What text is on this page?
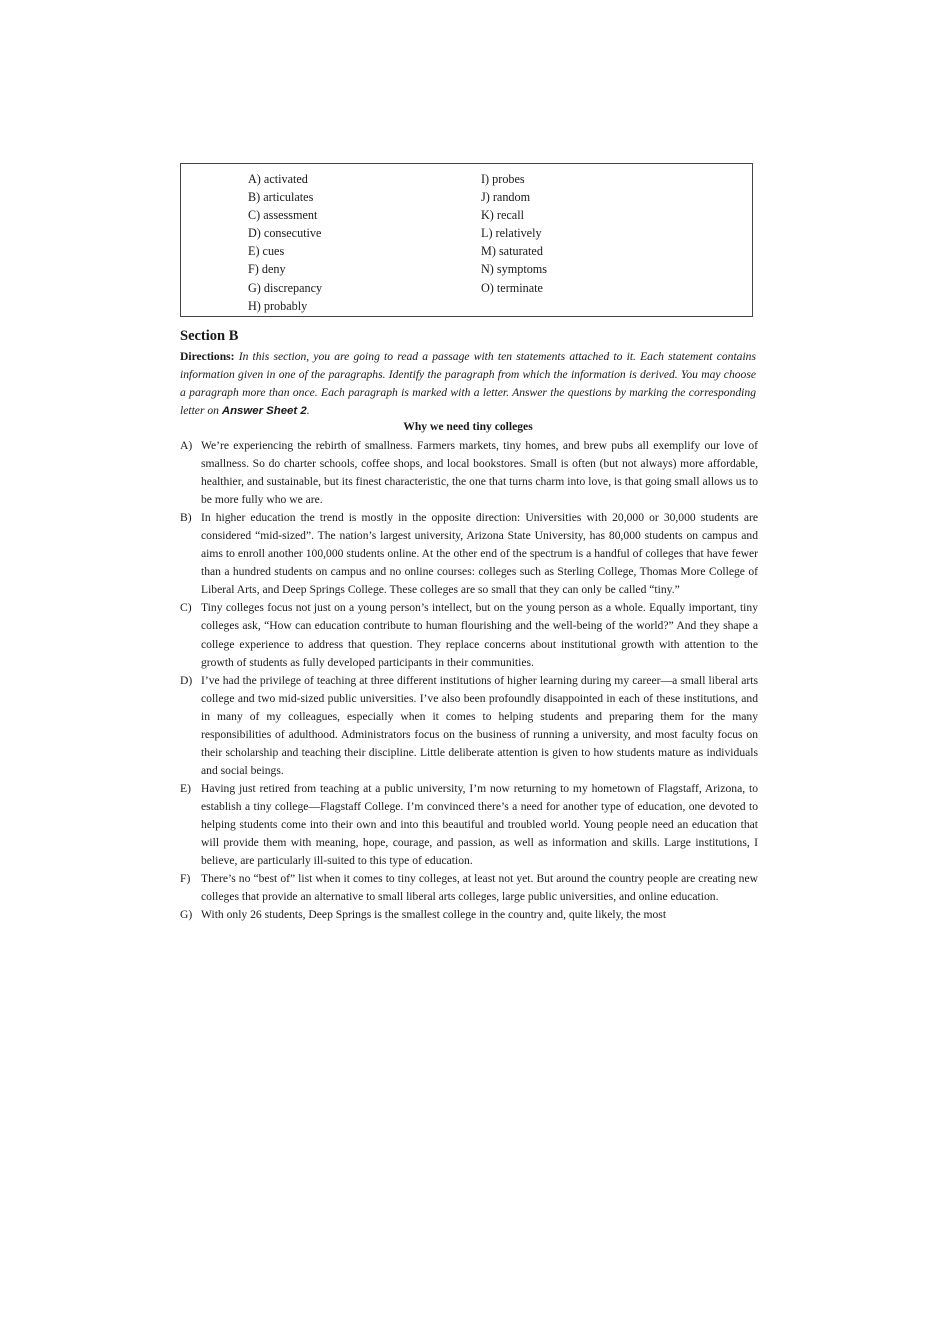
A) activated
B) articulates
C) assessment
D) consecutive
E) cues
F) deny
G) discrepancy
H) probably
I) probes
J) random
K) recall
L) relatively
M) saturated
N) symptoms
O) terminate
Section B
Directions: In this section, you are going to read a passage with ten statements attached to it. Each statement contains information given in one of the paragraphs. Identify the paragraph from which the information is derived. You may choose a paragraph more than once. Each paragraph is marked with a letter. Answer the questions by marking the corresponding letter on Answer Sheet 2.
Why we need tiny colleges
A) We’re experiencing the rebirth of smallness. Farmers markets, tiny homes, and brew pubs all exemplify our love of smallness. So do charter schools, coffee shops, and local bookstores. Small is often (but not always) more affordable, healthier, and sustainable, but its finest characteristic, the one that turns charm into love, is that going small allows us to be more fully who we are.
B) In higher education the trend is mostly in the opposite direction: Universities with 20,000 or 30,000 students are considered “mid-sized”. The nation’s largest university, Arizona State University, has 80,000 students on campus and aims to enroll another 100,000 students online. At the other end of the spectrum is a handful of colleges that have fewer than a hundred students on campus and no online courses: colleges such as Sterling College, Thomas More College of Liberal Arts, and Deep Springs College. These colleges are so small that they can only be called “tiny.”
C) Tiny colleges focus not just on a young person’s intellect, but on the young person as a whole. Equally important, tiny colleges ask, “How can education contribute to human flourishing and the well-being of the world?” And they shape a college experience to address that question. They replace concerns about institutional growth with attention to the growth of students as fully developed participants in their communities.
D) I’ve had the privilege of teaching at three different institutions of higher learning during my career—a small liberal arts college and two mid-sized public universities. I’ve also been profoundly disappointed in each of these institutions, and in many of my colleagues, especially when it comes to helping students and preparing them for the many responsibilities of adulthood. Administrators focus on the business of running a university, and most faculty focus on their scholarship and teaching their discipline. Little deliberate attention is given to how students mature as individuals and social beings.
E) Having just retired from teaching at a public university, I’m now returning to my hometown of Flagstaff, Arizona, to establish a tiny college—Flagstaff College. I’m convinced there’s a need for another type of education, one devoted to helping students come into their own and into this beautiful and troubled world. Young people need an education that will provide them with meaning, hope, courage, and passion, as well as information and skills. Large institutions, I believe, are particularly ill-suited to this type of education.
F) There’s no “best of” list when it comes to tiny colleges, at least not yet. But around the country people are creating new colleges that provide an alternative to small liberal arts colleges, large public universities, and online education.
G) With only 26 students, Deep Springs is the smallest college in the country and, quite likely, the most
